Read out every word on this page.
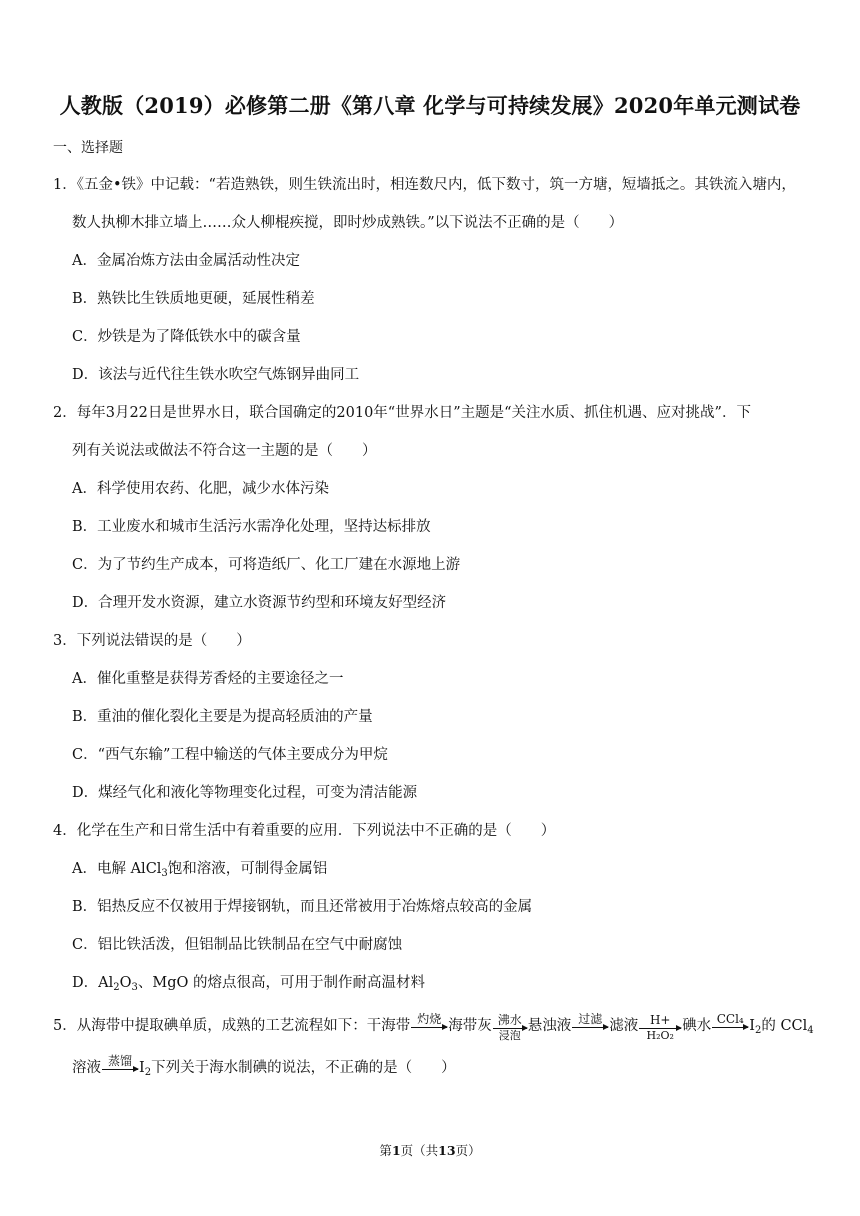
人教版（2019）必修第二册《第八章 化学与可持续发展》2020年单元测试卷
一、选择题
1．《五金•铁》中记载：“若造熟铁，则生铁流出时，相连数尺内，低下数寸，筑一方塘，短墙抵之。其铁流入塘内，
数人执柳木排立墙上……众人柳棍疾搅，即时炒成熟铁。”以下说法不正确的是（　　）
A．金属冶炼方法由金属活动性决定
B．熟铁比生铁质地更硬，延展性稍差
C．炒铁是为了降低铁水中的碳含量
D．该法与近代往生铁水吹空气炼钢异曲同工
2．每年3月22日是世界水日，联合国确定的2010年“世界水日”主题是“关注水质、抓住机遇、应对挑战”．下
列有关说法或做法不符合这一主题的是（　　）
A．科学使用农药、化肥，减少水体污染
B．工业废水和城市生活污水需净化处理，坚持达标排放
C．为了节约生产成本，可将造纸厂、化工厂建在水源地上游
D．合理开发水资源，建立水资源节约型和环境友好型经济
3．下列说法错误的是（　　）
A．催化重整是获得芳香烃的主要途径之一
B．重油的催化裂化主要是为提高轻质油的产量
C．“西气东输”工程中输送的气体主要成分为甲烷
D．煤经气化和液化等物理变化过程，可变为清洁能源
4．化学在生产和日常生活中有着重要的应用．下列说法中不正确的是（　　）
A．电解 AlCl$_3$饱和溶液，可制得金属铝
B．铝热反应不仅被用于焊接钢轨，而且还常被用于冶炼熔点较高的金属
C．铝比铁活泼，但铝制品比铁制品在空气中耐腐蚀
D．$Al_2O_3$、MgO 的熔点很高，可用于制作耐高温材料
5．从海带中提取碘单质，成熟的工艺流程如下：干海带 灼烧 海带灰 沸水
浸泡
悬浊液 过滤 滤液 $\frac{H+}{\text{H₂O₂}}$ 碘水 CCl₄ $I_2$的 CCl$_4$
溶液 蒸馏 $I_2$下列关于海水制碘的说法，不正确的是（　　）
第1页（共13页）
